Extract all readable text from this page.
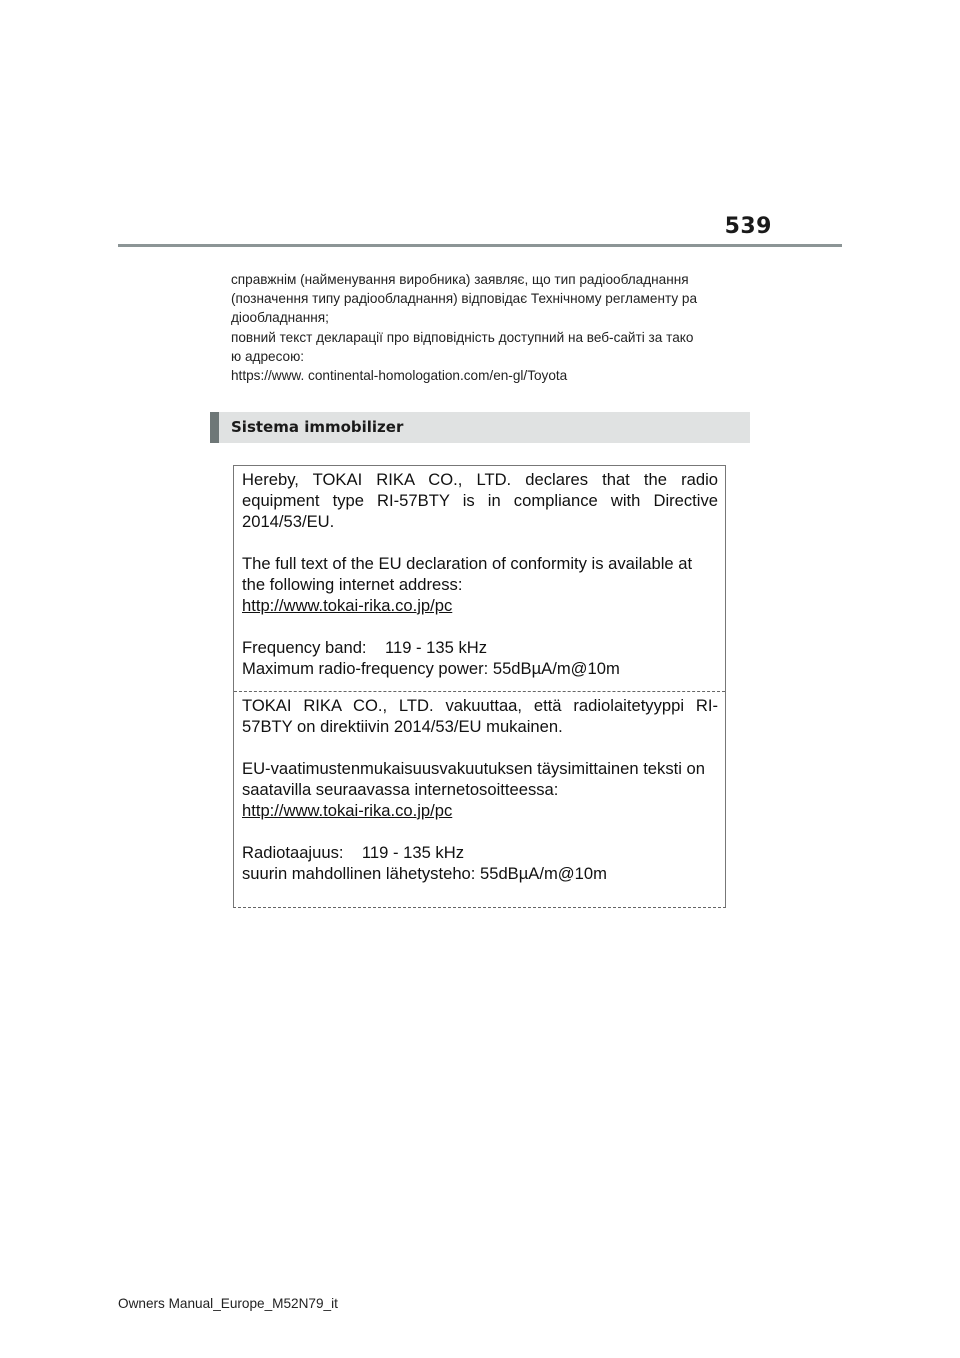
539

справжнім (найменування виробника) заявляє, що тип радіообладнання

(позначення типу радіообладнання) відповідає Технічному регламенту ра

діообладнання;

повний текст декларації про відповідність доступний на веб-сайті за тако

ю адресою:

https://www. continental-homologation.com/en-gl/Toyota

Sistema immobilizer

Hereby, TOKAI RIKA CO., LTD. declares that the radio equipment type RI-57BTY is in compliance with Directive 2014/53/EU.

The full text of the EU declaration of conformity is available at the following internet address:

http://www.tokai-rika.co.jp/pc

Frequency band:    119 - 135 kHz

Maximum radio-frequency power: 55dBµA/m@10m

TOKAI RIKA CO., LTD. vakuuttaa, että radiolaitetyyppi RI-57BTY on direktiivin 2014/53/EU mukainen.

EU-vaatimustenmukaisuusvakuutuksen täysimittainen teksti on saatavilla seuraavassa internetosoitteessa:

http://www.tokai-rika.co.jp/pc

Radiotaajuus:    119 - 135 kHz

suurin mahdollinen lähetysteho: 55dBµA/m@10m

Owners Manual_Europe_M52N79_it
